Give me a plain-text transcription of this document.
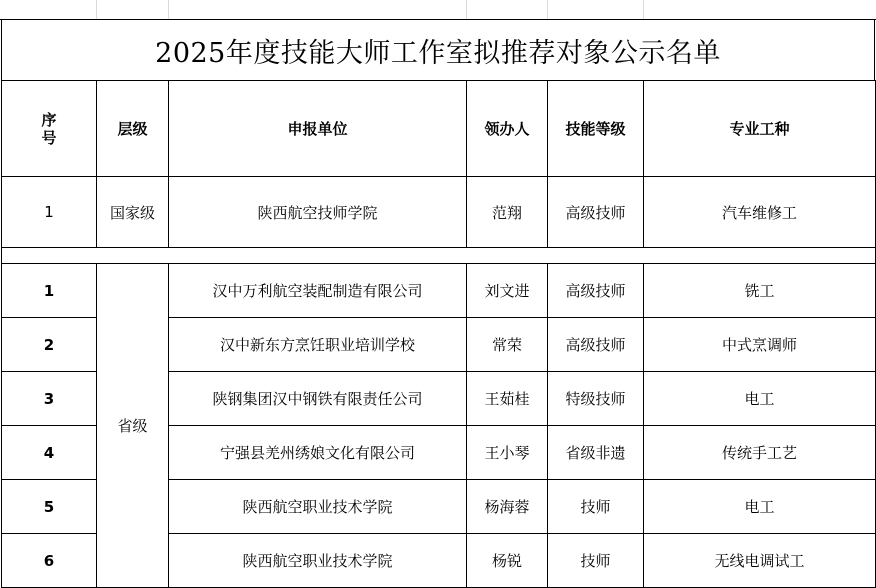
2025年度技能大师工作室拟推荐对象公示名单
序
号	层级	申报单位	领办人	技能等级	专业工种
1	国家级	陕西航空技师学院	范翔	高级技师	汽车维修工

1	省级	汉中万利航空装配制造有限公司	刘文进	高级技师	铣工
2		汉中新东方烹饪职业培训学校	常荣	高级技师	中式烹调师
3		陕钢集团汉中钢铁有限责任公司	王茹桂	特级技师	电工
4		宁强县羌州绣娘文化有限公司	王小琴	省级非遗	传统手工艺
5		陕西航空职业技术学院	杨海蓉	技师	电工
6		陕西航空职业技术学院	杨锐	技师	无线电调试工
